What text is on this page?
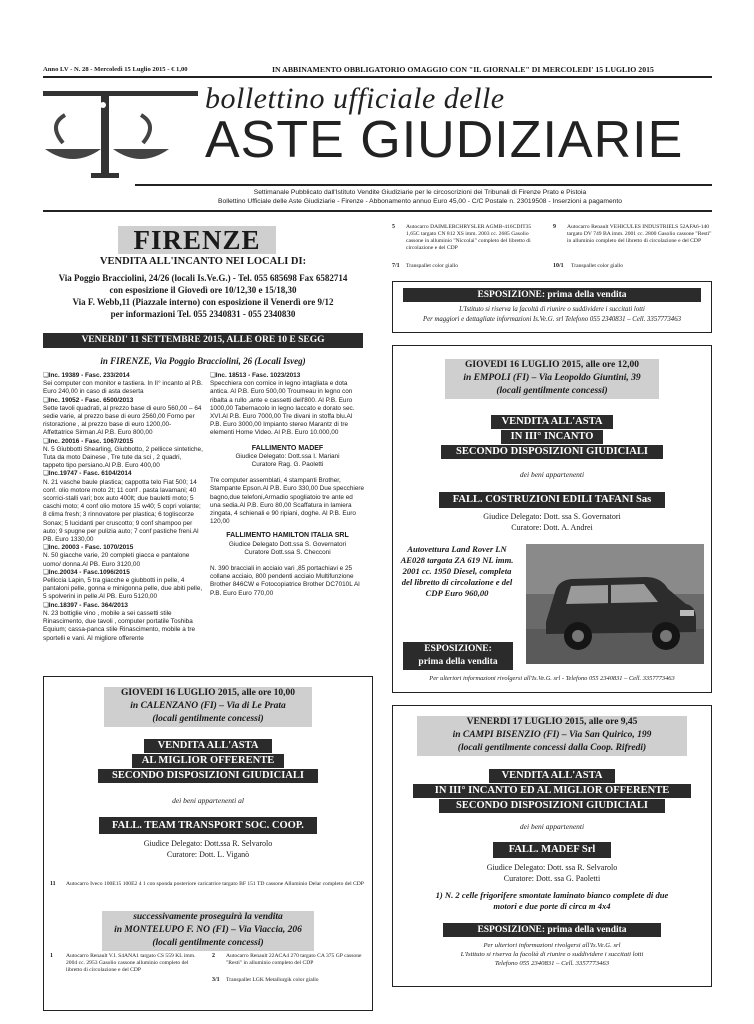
Anno LV - N. 28 - Mercoledì 15 Luglio 2015 - € 1,00	IN ABBINAMENTO OBBLIGATORIO OMAGGIO CON "IL GIORNALE" DI MERCOLEDI' 15 LUGLIO 2015
bollettino ufficiale delle
ASTE GIUDIZIARIE
Settimanale Pubblicato dall'Istituto Vendite Giudiziarie per le circoscrizioni dei Tribunali di Firenze Prato e Pistoia
Bollettino Ufficiale delle Aste Giudiziarie - Firenze - Abbonamento annuo Euro 45,00 - C/C Postale n. 23019508 - Inserzioni a pagamento
FIRENZE
VENDITA ALL'INCANTO NEI LOCALI DI:
Via Poggio Bracciolini, 24/26 (locali Is.Ve.G.) - Tel. 055 685698 Fax 6582714
con esposizione il Giovedì ore 10/12,30 e 15/18,30
Via F. Webb,11 (Piazzale interno) con esposizione il Venerdì ore 9/12
per informazioni Tel. 055 2340831 - 055 2340830
VENERDI' 11 SETTEMBRE 2015, ALLE ORE 10 E SEGG
in FIRENZE, Via Poggio Bracciolini, 26 (Locali Isveg)
❏ Inc. 19389 - Fasc. 233/2014
Sei computer con monitor e tastiera. In II° incanto al P.B. Euro 240,00 in caso di asta deserta
❏ Inc. 19052 - Fasc. 6500/2013
Sette tavoli quadrati, al prezzo base di euro 560,00 – 64 sedie varie, al prezzo base di euro 2560,00 Forno per ristorazione , al prezzo base di euro 1200,00- Affettatrice Sirman.Al P.B. Euro 800,00
❏ Inc. 20016 - Fasc. 1067/2015
N. 5 Giubbotti Shearling, Giubbotto, 2 pellicce sintetiche, Tuta da moto Dainese , Tre tute da sci , 2 quadri, tappeto tipo persiano.Al P.B. Euro 400,00
❏ Inc.19747 - Fasc. 6104/2014
N. 21 vasche baule plastica; cappotta telo Fiat 500; 14 conf. olio motore moto 2t; 11 conf . pasta lavamani; 40 scorrici-stalli vari; box auto 400lt; due bauletti moto; 5 caschi moto; 4 conf olio motore 15 w40; 5 copri volante; 8 clima fresh; 3 rinnovatore per plastica; 6 togliscorze Sonax; 5 lucidanti per cruscotto; 9 conf shampoo per auto; 9 spugne per pulizia auto; 7 conf pastiche freni.Al PB. Euro 1330,00
❏ Inc. 20003 - Fasc. 1070/2015
N. 50 giacche varie, 20 completi giacca e pantalone uomo/ donna.Al PB. Euro 3120,00
❏ Inc.20034 - Fasc.1096/2015
Pelliccia Lapin, 5 tra giacche e giubbotti in pelle, 4 pantaloni pelle, gonna e minigonna pelle, due abiti pelle, 5 spolverini in pelle.Al PB. Euro 5120,00
❏ Inc.18397 - Fasc. 364/2013
N. 23 bottiglie vino , mobile a sei cassetti stile Rinascimento, due tavoli , computer portatile Toshiba Equium; cassa-panca stile Rinascimento, mobile a tre sportelli e vani. Al migliore offerente
❏ Inc. 18513 - Fasc. 1023/2013
Specchiera con cornice in legno intagliata e dota antica. Al P.B. Euro 500,00 Troumeau in legno con ribalta a rullo ,ante e cassetti dell'800. Al P.B. Euro 1000,00 Tabernacolo in legno laccato e dorato sec. XVI.Al P.B. Euro 7000,00 Tre divani in stoffa blu.Al P.B. Euro 3000,00 Impianto stereo Marantz di tre elementi Home Video. Al P.B. Euro 10.000,00
FALLIMENTO MADEF
Giudice Delegato: Dott.ssa I. Mariani
Curatore Rag. G. Paoletti
Tre computer assemblati, 4 stampanti Brother, Stampante Epson.Al P.B. Euro 330,00 Due specchiere bagno,due telefoni,Armadio spogliatoio tre ante ed una sedia.Al P.B. Euro 80,00 Scaffatura in lamiera zingata, 4 schienali e 90 ripiani, doghe. Al P.B. Euro 120,00
FALLIMENTO HAMILTON ITALIA SRL
Giudice Delegato Dott.ssa S. Governatori
Curatore Dott.ssa S. Checconi
N. 390 bracciali in acciaio vari ,85 portachiavi e 25 collane acciaio, 800 pendenti acciaio Multifunzione Brother 846CW e Fotocopiatrice Brother DC7010L Al P.B. Euro Euro 770,00
5 Autocarro DAIMLERCHRYSLER AGMB-416CDIT35 1,65C targato CN 812 XS imm. 2003 cc. 2685 Gasolio cassone in alluminio "Niccolai" completo del libretto di circolazione e del CDP
7/1 Transpallet color giallo
9 Autocarro Renault VEHICULES INDUSTRIELS 52AFA6-140 targato DV 749 BA imm. 2001 cc. 2800 Gasolio cassone "Resti" in alluminio completo del libretto di circolazione e del CDP
10/1 Transpallet color giallo
ESPOSIZIONE: prima della vendita
L'Istituto si riserva la facoltà di riunire o suddividere i succitati lotti
Per maggiori e dettagliate informazioni Is.Ve.G. srl Telefono 055 2340831 – Cell. 3357773463
GIOVEDI 16 LUGLIO 2015, alle ore 12,00
in EMPOLI (FI) – Via Leopoldo Giuntini, 39
(locali gentilmente concessi)
VENDITA ALL'ASTA
IN III° INCANTO
SECONDO DISPOSIZIONI GIUDICIALI
dei beni appartenenti
FALL. COSTRUZIONI EDILI TAFANI Sas
Giudice Delegato: Dott. ssa S. Governatori
Curatore: Dott. A. Andrei
Autovettura Land Rover LN AE028 targata ZA 619 NL imm. 2001 cc. 1950 Diesel, completa del libretto di circolazione e del CDP Euro 960,00
ESPOSIZIONE:
prima della vendita
Per ulteriori informazioni rivolgersi all'Is.Ve.G. srl - Telefono 055 2340831 – Cell. 3357773463
GIOVEDI 16 LUGLIO 2015, alle ore 10,00
in CALENZANO (FI) – Via di Le Prata
(locali gentilmente concessi)
VENDITA ALL'ASTA
AL MIGLIOR OFFERENTE
SECONDO DISPOSIZIONI GIUDICIALI
dei beni appartenenti al
FALL. TEAM TRANSPORT SOC. COOP.
Giudice Delegato: Dott.ssa R. Selvarolo
Curatore: Dott. L. Viganò
11 Autocarro Iveco 100E15 100E2 4 1 con sponda posteriore caricatrice targato BF 151 TD cassone Alluminio Delar completo del CDP
successivamente proseguirà la vendita
in MONTELUPO F. NO (FI) – Via Viaccia, 206
(locali gentilmente concessi)
1 Autocarro Renault V.I. S4ANA1 targato CS 559 KL imm. 2004 cc. 2953 Gasolio cassone alluminio completo del libretto di circolazione e del CDP
2 Autocarro Renault 22ACA4 270 targato CA 375 GP cassone "Resti" in alluminio completo del CDP
3/1 Transpallet LGK Metallurgik color giallo
VENERDI 17 LUGLIO 2015, alle ore 9,45
in CAMPI BISENZIO (FI) – Via San Quirico, 199
(locali gentilmente concessi dalla Coop. Rifredi)
VENDITA ALL'ASTA
IN III° INCANTO ED AL MIGLIOR OFFERENTE
SECONDO DISPOSIZIONI GIUDICIALI
dei beni appartenenti
FALL. MADEF Srl
Giudice Delegato: Dott. ssa R. Selvarolo
Curatore: Dott. ssa G. Paoletti
1) N. 2 celle frigorifere smontate laminato bianco complete di due motori e due porte di circa m 4x4
ESPOSIZIONE: prima della vendita
Per ulteriori informazioni rivolgersi all'Is.Ve.G. srl
L'Istituto si riserva la facoltà di riunire o suddividere i succitati lotti
Telefono 055 2340831 – Cell. 3357773463
